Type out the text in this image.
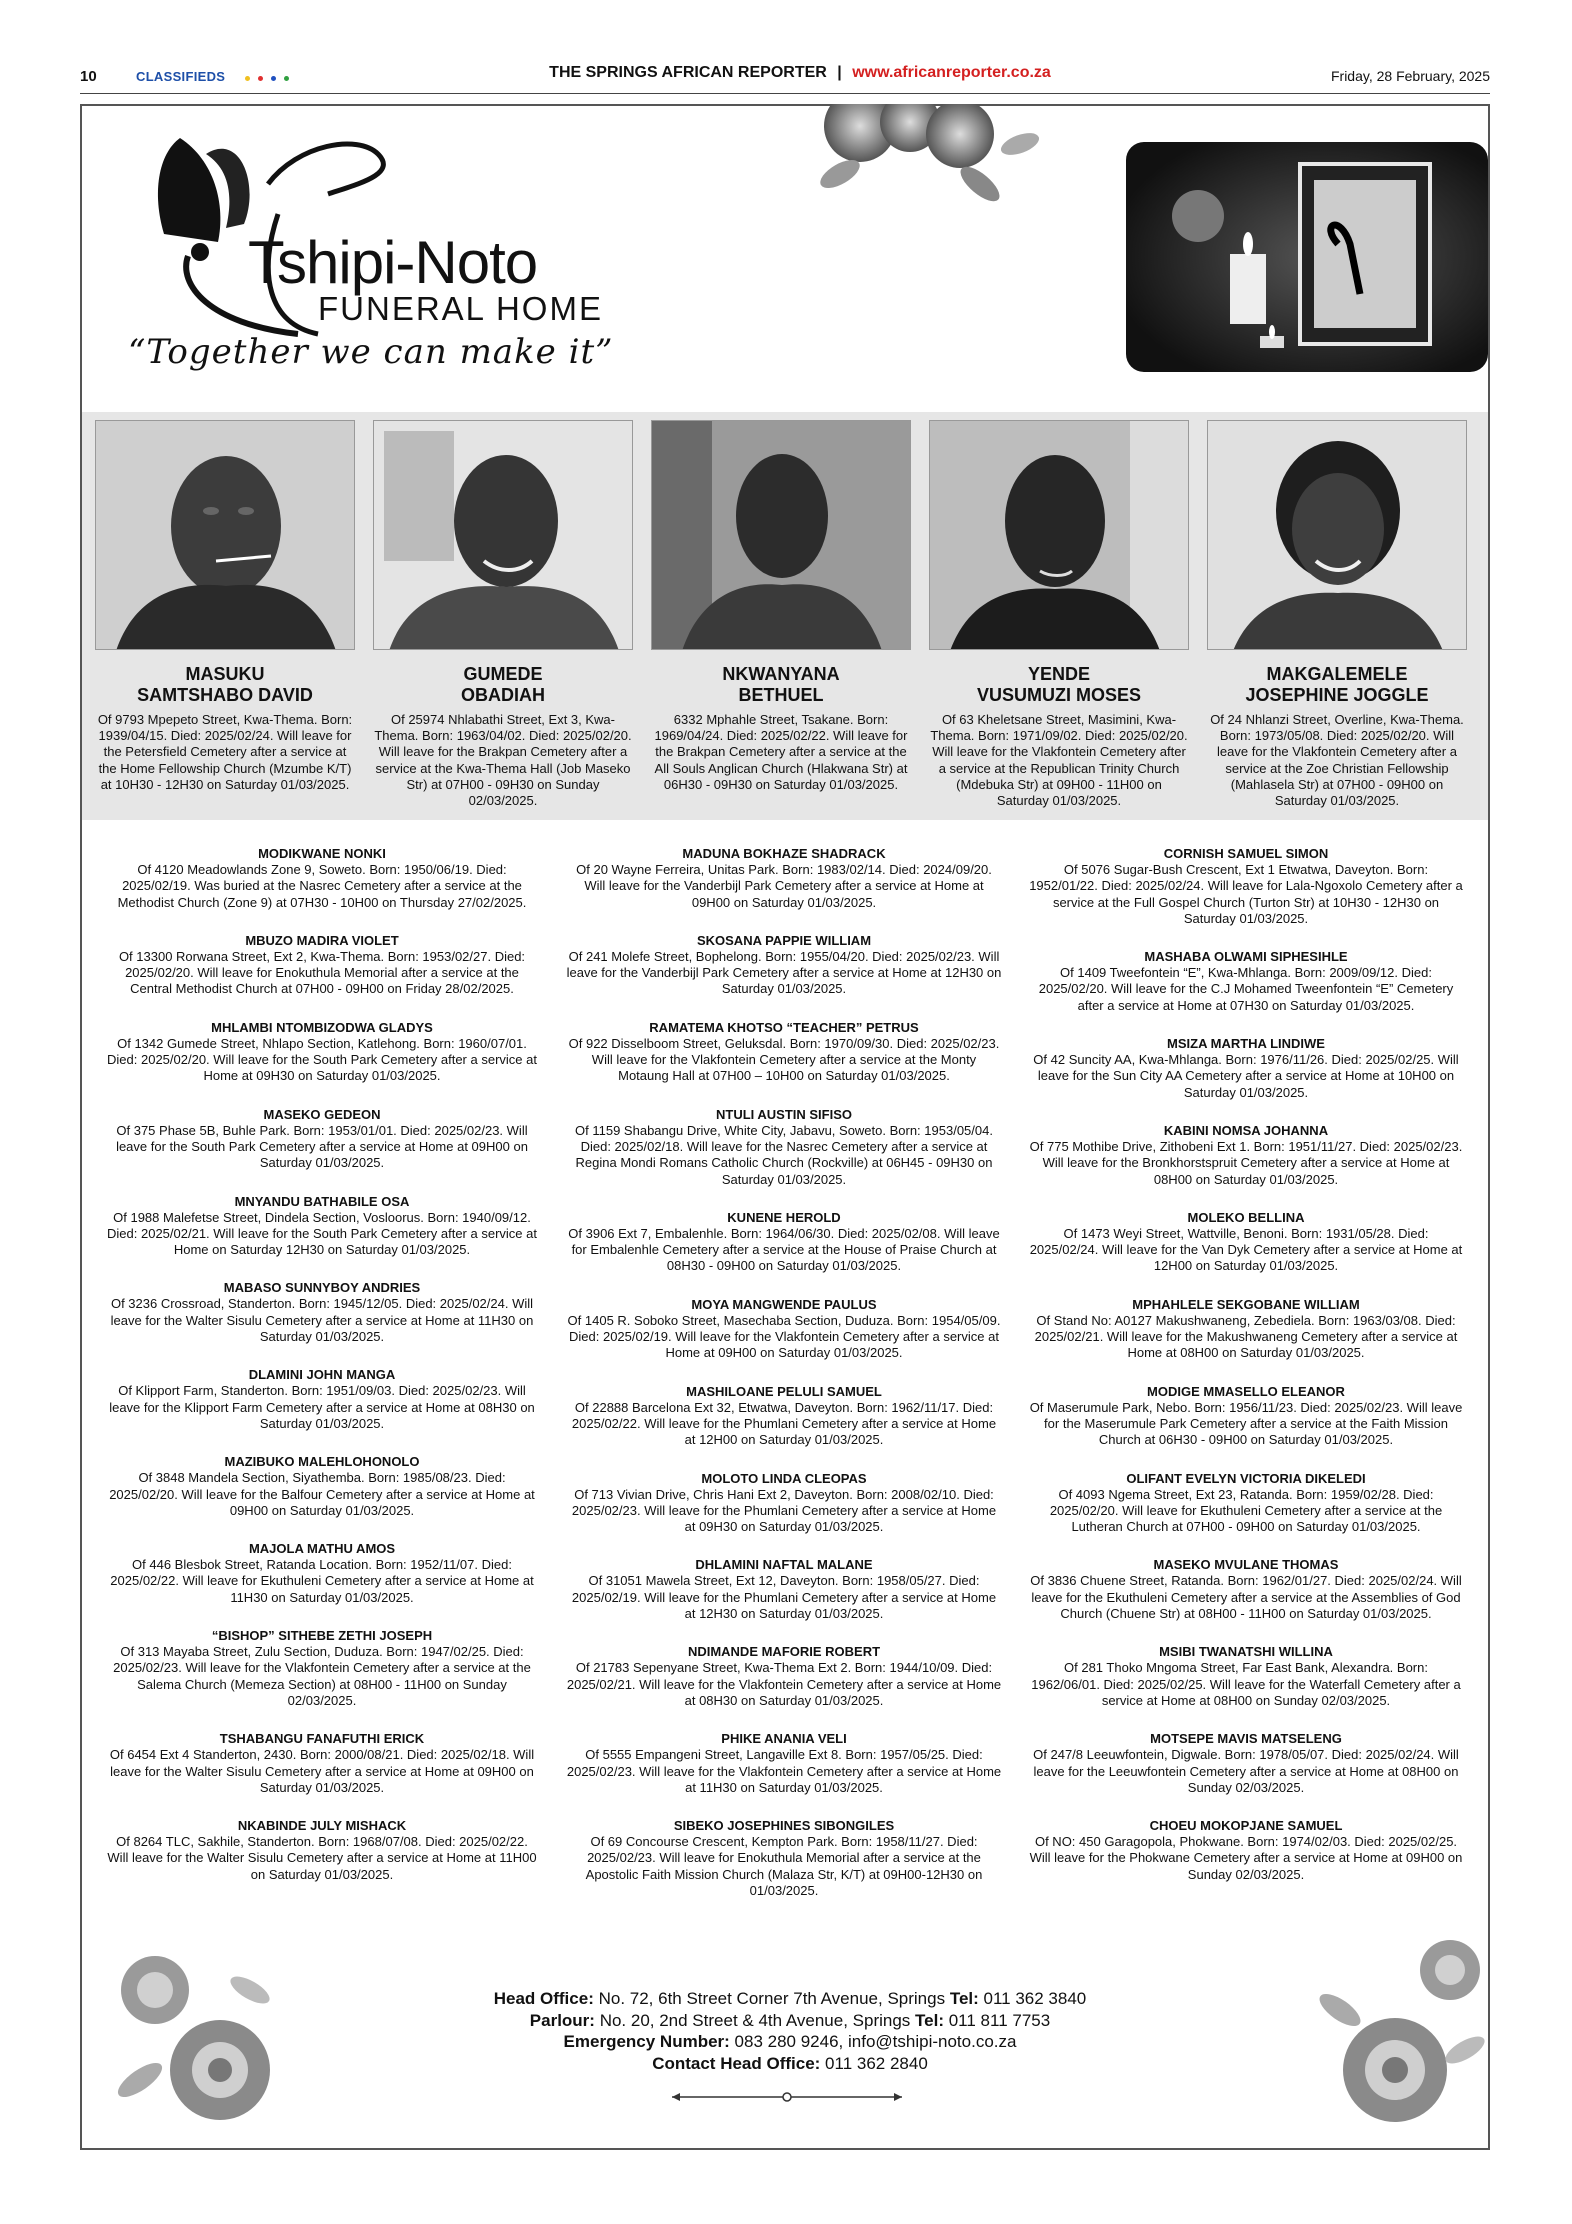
10	CLASSIFIEDS	THE SPRINGS AFRICAN REPORTER | www.africanreporter.co.za	Friday, 28 February, 2025
Tshipi-Noto
FUNERAL HOME
“Together we can make it”
MASUKU
SAMTSHABO DAVID
Of 9793 Mpepeto Street, Kwa-Thema. Born: 1939/04/15. Died: 2025/02/24. Will leave for the Petersfield Cemetery after a service at the Home Fellowship Church (Mzumbe K/T) at 10H30 - 12H30 on Saturday 01/03/2025.
GUMEDE
OBADIAH
Of 25974 Nhlabathi Street, Ext 3, Kwa-Thema. Born: 1963/04/02. Died: 2025/02/20. Will leave for the Brakpan Cemetery after a service at the Kwa-Thema Hall (Job Maseko Str) at 07H00 - 09H30 on Sunday 02/03/2025.
NKWANYANA
BETHUEL
6332 Mphahle Street, Tsakane. Born: 1969/04/24. Died: 2025/02/22. Will leave for the Brakpan Cemetery after a service at the All Souls Anglican Church (Hlakwana Str) at 06H30 - 09H30 on Saturday 01/03/2025.
YENDE
VUSUMUZI MOSES
Of 63 Kheletsane Street, Masimini, Kwa-Thema. Born: 1971/09/02. Died: 2025/02/20. Will leave for the Vlakfontein Cemetery after a service at the Republican Trinity Church (Mdebuka Str) at 09H00 - 11H00 on Saturday 01/03/2025.
MAKGALEMELE
JOSEPHINE JOGGLE
Of 24 Nhlanzi Street, Overline, Kwa-Thema. Born: 1973/05/08. Died: 2025/02/20. Will leave for the Vlakfontein Cemetery after a service at the Zoe Christian Fellowship (Mahlasela Str) at 07H00 - 09H00 on Saturday 01/03/2025.
MODIKWANE NONKI
Of 4120 Meadowlands Zone 9, Soweto. Born: 1950/06/19. Died: 2025/02/19. Was buried at the Nasrec Cemetery after a service at the Methodist Church (Zone 9) at 07H30 - 10H00 on Thursday 27/02/2025.
MBUZO MADIRA VIOLET
Of 13300 Rorwana Street, Ext 2, Kwa-Thema. Born: 1953/02/27. Died: 2025/02/20. Will leave for Enokuthula Memorial after a service at the Central Methodist Church at 07H00 - 09H00 on Friday 28/02/2025.
MHLAMBI NTOMBIZODWA GLADYS
Of 1342 Gumede Street, Nhlapo Section, Katlehong. Born: 1960/07/01. Died: 2025/02/20. Will leave for the South Park Cemetery after a service at Home at 09H30 on Saturday 01/03/2025.
MASEKO GEDEON
Of 375 Phase 5B, Buhle Park. Born: 1953/01/01. Died: 2025/02/23. Will leave for the South Park Cemetery after a service at Home at 09H00 on Saturday 01/03/2025.
MNYANDU BATHABILE OSA
Of 1988 Malefetse Street, Dindela Section, Vosloorus. Born: 1940/09/12. Died: 2025/02/21. Will leave for the South Park Cemetery after a service at Home on Saturday 12H30 on Saturday 01/03/2025.
MABASO SUNNYBOY ANDRIES
Of 3236 Crossroad, Standerton. Born: 1945/12/05. Died: 2025/02/24. Will leave for the Walter Sisulu Cemetery after a service at Home at 11H30 on Saturday 01/03/2025.
DLAMINI JOHN MANGA
Of Klipport Farm, Standerton. Born: 1951/09/03. Died: 2025/02/23. Will leave for the Klipport Farm Cemetery after a service at Home at 08H30 on Saturday 01/03/2025.
MAZIBUKO MALEHLOHONOLO
Of 3848 Mandela Section, Siyathemba. Born: 1985/08/23. Died: 2025/02/20. Will leave for the Balfour Cemetery after a service at Home at 09H00 on Saturday 01/03/2025.
MAJOLA MATHU AMOS
Of 446 Blesbok Street, Ratanda Location. Born: 1952/11/07. Died: 2025/02/22. Will leave for Ekuthuleni Cemetery after a service at Home at 11H30 on Saturday 01/03/2025.
“BISHOP” SITHEBE ZETHI JOSEPH
Of 313 Mayaba Street, Zulu Section, Duduza. Born: 1947/02/25. Died: 2025/02/23. Will leave for the Vlakfontein Cemetery after a service at the Salema Church (Memeza Section) at 08H00 - 11H00 on Sunday 02/03/2025.
TSHABANGU FANAFUTHI ERICK
Of 6454 Ext 4 Standerton, 2430. Born: 2000/08/21. Died: 2025/02/18. Will leave for the Walter Sisulu Cemetery after a service at Home at 09H00 on Saturday 01/03/2025.
NKABINDE JULY MISHACK
Of 8264 TLC, Sakhile, Standerton. Born: 1968/07/08. Died: 2025/02/22. Will leave for the Walter Sisulu Cemetery after a service at Home at 11H00 on Saturday 01/03/2025.
MADUNA BOKHAZE SHADRACK
Of 20 Wayne Ferreira, Unitas Park. Born: 1983/02/14. Died: 2024/09/20. Will leave for the Vanderbijl Park Cemetery after a service at Home at 09H00 on Saturday 01/03/2025.
SKOSANA PAPPIE WILLIAM
Of 241 Molefe Street, Bophelong. Born: 1955/04/20. Died: 2025/02/23. Will leave for the Vanderbijl Park Cemetery after a service at Home at 12H30 on Saturday 01/03/2025.
RAMATEMA KHOTSO “TEACHER” PETRUS
Of 922 Disselboom Street, Geluksdal. Born: 1970/09/30. Died: 2025/02/23. Will leave for the Vlakfontein Cemetery after a service at the Monty Motaung Hall at 07H00 – 10H00 on Saturday 01/03/2025.
NTULI AUSTIN SIFISO
Of 1159 Shabangu Drive, White City, Jabavu, Soweto. Born: 1953/05/04. Died: 2025/02/18. Will leave for the Nasrec Cemetery after a service at Regina Mondi Romans Catholic Church (Rockville) at 06H45 - 09H30 on Saturday 01/03/2025.
KUNENE HEROLD
Of 3906 Ext 7, Embalenhle. Born: 1964/06/30. Died: 2025/02/08. Will leave for Embalenhle Cemetery after a service at the House of Praise Church at 08H30 - 09H00 on Saturday 01/03/2025.
MOYA MANGWENDE PAULUS
Of 1405 R. Soboko Street, Masechaba Section, Duduza. Born: 1954/05/09. Died: 2025/02/19. Will leave for the Vlakfontein Cemetery after a service at Home at 09H00 on Saturday 01/03/2025.
MASHILOANE PELULI SAMUEL
Of 22888 Barcelona Ext 32, Etwatwa, Daveyton. Born: 1962/11/17. Died: 2025/02/22. Will leave for the Phumlani Cemetery after a service at Home at 12H00 on Saturday 01/03/2025.
MOLOTO LINDA CLEOPAS
Of 713 Vivian Drive, Chris Hani Ext 2, Daveyton. Born: 2008/02/10. Died: 2025/02/23. Will leave for the Phumlani Cemetery after a service at Home at 09H30 on Saturday 01/03/2025.
DHLAMINI NAFTAL MALANE
Of 31051 Mawela Street, Ext 12, Daveyton. Born: 1958/05/27. Died: 2025/02/19. Will leave for the Phumlani Cemetery after a service at Home at 12H30 on Saturday 01/03/2025.
NDIMANDE MAFORIE ROBERT
Of 21783 Sepenyane Street, Kwa-Thema Ext 2. Born: 1944/10/09. Died: 2025/02/21. Will leave for the Vlakfontein Cemetery after a service at Home at 08H30 on Saturday 01/03/2025.
PHIKE ANANIA VELI
Of 5555 Empangeni Street, Langaville Ext 8. Born: 1957/05/25. Died: 2025/02/23. Will leave for the Vlakfontein Cemetery after a service at Home at 11H30 on Saturday 01/03/2025.
SIBEKO JOSEPHINES SIBONGILES
Of 69 Concourse Crescent, Kempton Park. Born: 1958/11/27. Died: 2025/02/23. Will leave for Enokuthula Memorial after a service at the Apostolic Faith Mission Church (Malaza Str, K/T) at 09H00-12H30 on 01/03/2025.
CORNISH SAMUEL SIMON
Of 5076 Sugar-Bush Crescent, Ext 1 Etwatwa, Daveyton. Born: 1952/01/22. Died: 2025/02/24. Will leave for Lala-Ngoxolo Cemetery after a service at the Full Gospel Church (Turton Str) at 10H30 - 12H30 on Saturday 01/03/2025.
MASHABA OLWAMI SIPHESIHLE
Of 1409 Tweefontein “E”, Kwa-Mhlanga. Born: 2009/09/12. Died: 2025/02/20. Will leave for the C.J Mohamed Tweenfontein “E” Cemetery after a service at Home at 07H30 on Saturday 01/03/2025.
MSIZA MARTHA LINDIWE
Of 42 Suncity AA, Kwa-Mhlanga. Born: 1976/11/26. Died: 2025/02/25. Will leave for the Sun City AA Cemetery after a service at Home at 10H00 on Saturday 01/03/2025.
KABINI NOMSA JOHANNA
Of 775 Mothibe Drive, Zithobeni Ext 1. Born: 1951/11/27. Died: 2025/02/23. Will leave for the Bronkhorstspruit Cemetery after a service at Home at 08H00 on Saturday 01/03/2025.
MOLEKO BELLINA
Of 1473 Weyi Street, Wattville, Benoni. Born: 1931/05/28. Died: 2025/02/24. Will leave for the Van Dyk Cemetery after a service at Home at 12H00 on Saturday 01/03/2025.
MPHAHLELE SEKGOBANE WILLIAM
Of Stand No: A0127 Makushwaneng, Zebediela. Born: 1963/03/08. Died: 2025/02/21. Will leave for the Makushwaneng Cemetery after a service at Home at 08H00 on Saturday 01/03/2025.
MODIGE MMASELLO ELEANOR
Of Maserumule Park, Nebo. Born: 1956/11/23. Died: 2025/02/23. Will leave for the Maserumule Park Cemetery after a service at the Faith Mission Church at 06H30 - 09H00 on Saturday 01/03/2025.
OLIFANT EVELYN VICTORIA DIKELEDI
Of 4093 Ngema Street, Ext 23, Ratanda. Born: 1959/02/28. Died: 2025/02/20. Will leave for Ekuthuleni Cemetery after a service at the Lutheran Church at 07H00 - 09H00 on Saturday 01/03/2025.
MASEKO MVULANE THOMAS
Of 3836 Chuene Street, Ratanda. Born: 1962/01/27. Died: 2025/02/24. Will leave for the Ekuthuleni Cemetery after a service at the Assemblies of God Church (Chuene Str) at 08H00 - 11H00 on Saturday 01/03/2025.
MSIBI TWANATSHI WILLINA
Of 281 Thoko Mngoma Street, Far East Bank, Alexandra. Born: 1962/06/01. Died: 2025/02/25. Will leave for the Waterfall Cemetery after a service at Home at 08H00 on Sunday 02/03/2025.
MOTSEPE MAVIS MATSELENG
Of 247/8 Leeuwfontein, Digwale. Born: 1978/05/07. Died: 2025/02/24. Will leave for the Leeuwfontein Cemetery after a service at Home at 08H00 on Sunday 02/03/2025.
CHOEU MOKOPJANE SAMUEL
Of NO: 450 Garagopola, Phokwane. Born: 1974/02/03. Died: 2025/02/25. Will leave for the Phokwane Cemetery after a service at Home at 09H00 on Sunday 02/03/2025.
Head Office: No. 72, 6th Street Corner 7th Avenue, Springs Tel: 011 362 3840
Parlour: No. 20, 2nd Street & 4th Avenue, Springs Tel: 011 811 7753
Emergency Number: 083 280 9246, info@tshipi-noto.co.za
Contact Head Office: 011 362 2840
